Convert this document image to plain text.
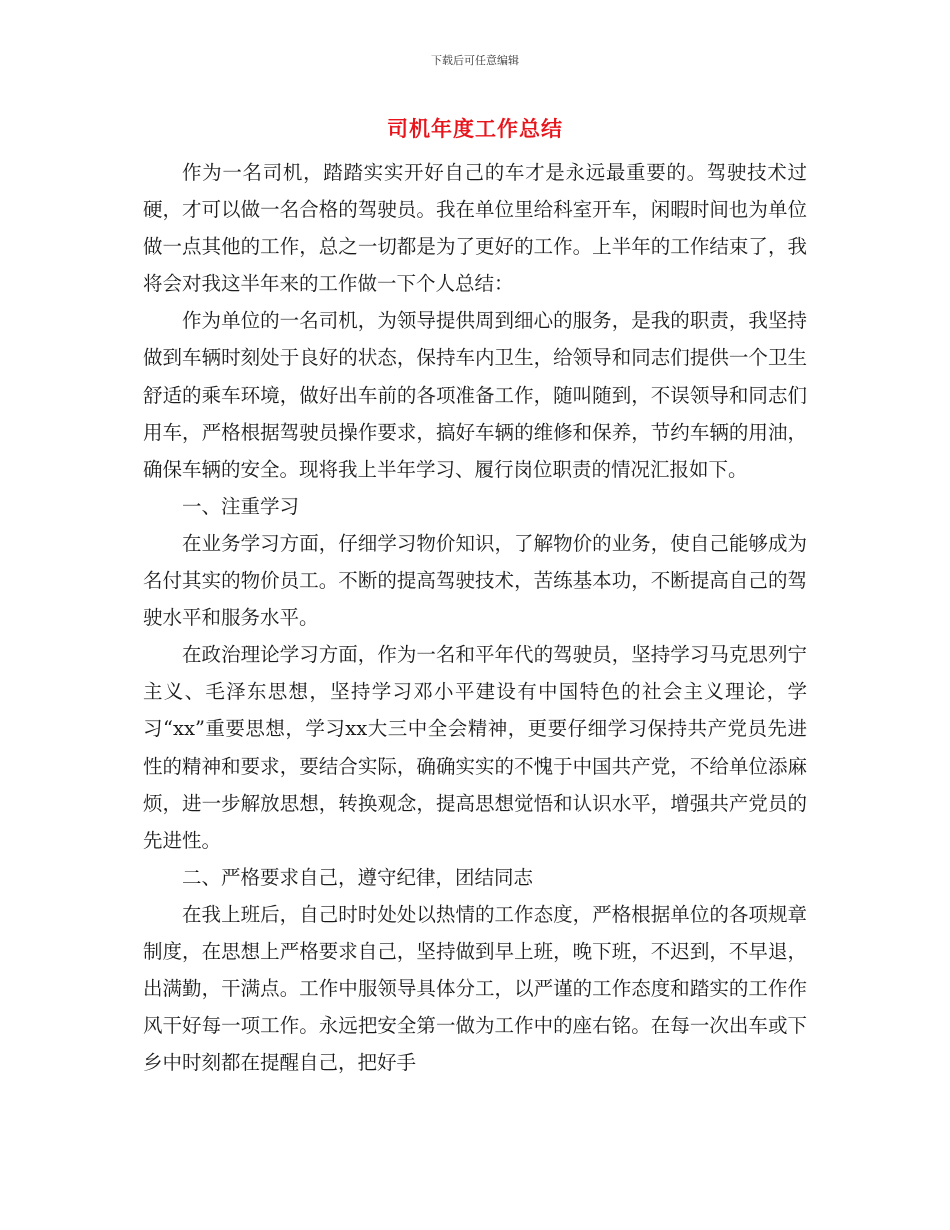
下载后可任意编辑
司机年度工作总结

作为一名司机，踏踏实实开好自己的车才是永远最重要的。驾驶技术过硬，才可以做一名合格的驾驶员。我在单位里给科室开车，闲暇时间也为单位做一点其他的工作，总之一切都是为了更好的工作。上半年的工作结束了，我将会对我这半年来的工作做一下个人总结：

作为单位的一名司机，为领导提供周到细心的服务，是我的职责，我坚持做到车辆时刻处于良好的状态，保持车内卫生，给领导和同志们提供一个卫生舒适的乘车环境，做好出车前的各项准备工作，随叫随到，不误领导和同志们用车，严格根据驾驶员操作要求，搞好车辆的维修和保养，节约车辆的用油，确保车辆的安全。现将我上半年学习、履行岗位职责的情况汇报如下。

一、注重学习

在业务学习方面，仔细学习物价知识，了解物价的业务，使自己能够成为名付其实的物价员工。不断的提高驾驶技术，苦练基本功，不断提高自己的驾驶水平和服务水平。

在政治理论学习方面，作为一名和平年代的驾驶员，坚持学习马克思列宁主义、毛泽东思想，坚持学习邓小平建设有中国特色的社会主义理论，学习“xx”重要思想，学习xx大三中全会精神，更要仔细学习保持共产党员先进性的精神和要求，要结合实际，确确实实的不愧于中国共产党，不给单位添麻烦，进一步解放思想，转换观念，提高思想觉悟和认识水平，增强共产党员的先进性。

二、严格要求自己，遵守纪律，团结同志

在我上班后，自己时时处处以热情的工作态度，严格根据单位的各项规章制度，在思想上严格要求自己，坚持做到早上班，晚下班，不迟到，不早退，出满勤，干满点。工作中服领导具体分工，以严谨的工作态度和踏实的工作作风干好每一项工作。永远把安全第一做为工作中的座右铭。在每一次出车或下乡中时刻都在提醒自己，把好手
